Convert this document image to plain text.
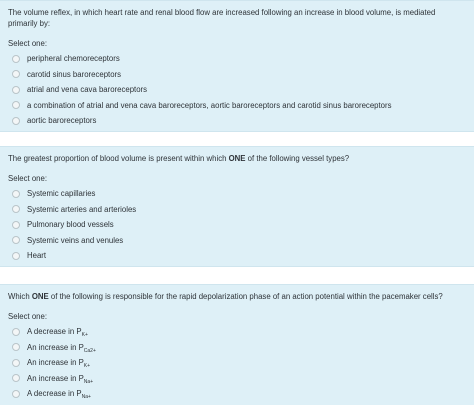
The volume reflex, in which heart rate and renal blood flow are increased following an increase in blood volume, is mediated primarily by:

Select one:
peripheral chemoreceptors
carotid sinus baroreceptors
atrial and vena cava baroreceptors
a combination of atrial and vena cava baroreceptors, aortic baroreceptors and carotid sinus baroreceptors
aortic baroreceptors

The greatest proportion of blood volume is present within which ONE of the following vessel types?

Select one:
Systemic capillaries
Systemic arteries and arterioles
Pulmonary blood vessels
Systemic veins and venules
Heart

Which ONE of the following is responsible for the rapid depolarization phase of an action potential within the pacemaker cells?

Select one:
A decrease in $P_{K+}$
An increase in $P_{Ca2+}$
An increase in $P_{K+}$
An increase in $P_{Na+}$
A decrease in $P_{Na+}$
